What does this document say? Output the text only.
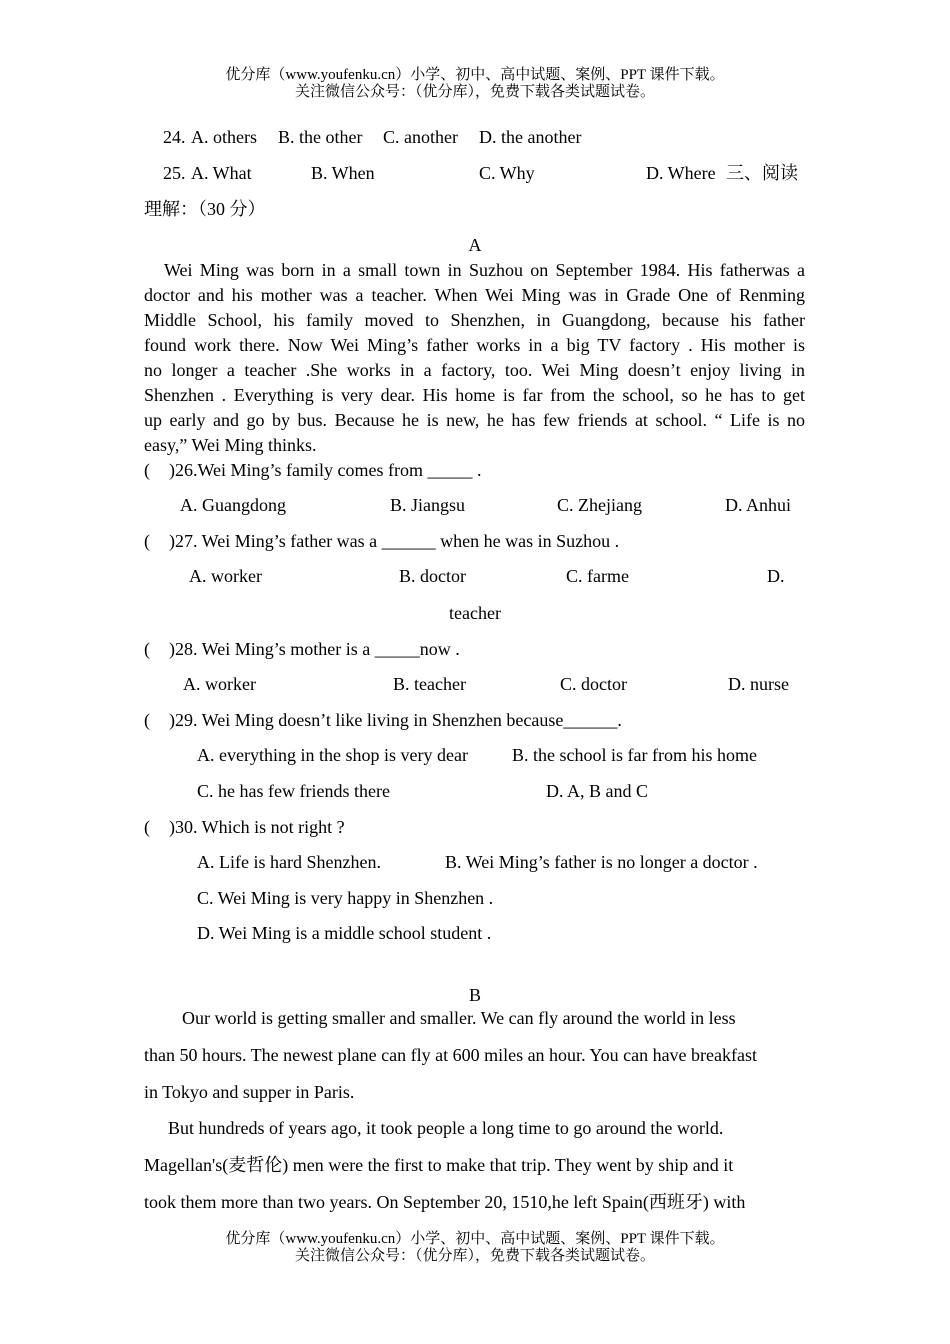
优分库（www.youfenku.cn）小学、初中、高中试题、案例、PPT 课件下载。
关注微信公众号：（优分库），免费下载各类试题试卷。
24. A. others B. the other C. another D. the another
25. A. What	B. When	C. Why	D. Where 三、阅读
理解：（30 分）
A
Wei Ming was born in a small town in Suzhou on September 1984. His fatherwas a
doctor and his mother was a teacher. When Wei Ming was in Grade One of Renming
Middle School, his family moved to Shenzhen, in Guangdong, because his father
found work there. Now Wei Ming’s father works in a big TV factory . His mother is
no longer a teacher .She works in a factory, too. Wei Ming doesn’t enjoy living in
Shenzhen . Everything is very dear. His home is far from the school, so he has to get
up early and go by bus. Because he is new, he has few friends at school. “ Life is no
easy,” Wei Ming thinks.
( )26.Wei Ming’s family comes from _____ .
A. Guangdong	B. Jiangsu	C. Zhejiang	D. Anhui
( )27. Wei Ming’s father was a ______ when he was in Suzhou .
A. worker	B. doctor	C. farme	D.
teacher
( )28. Wei Ming’s mother is a _____now .
A. worker	B. teacher	C. doctor	D. nurse
( )29. Wei Ming doesn’t like living in Shenzhen because______.
A. everything in the shop is very dear B. the school is far from his home
C. he has few friends there	D. A, B and C
( )30. Which is not right ?
A. Life is hard Shenzhen.	B. Wei Ming’s father is no longer a doctor .
C. Wei Ming is very happy in Shenzhen .
D. Wei Ming is a middle school student .
B
Our world is getting smaller and smaller. We can fly around the world in less
than 50 hours. The newest plane can fly at 600 miles an hour. You can have breakfast
in Tokyo and supper in Paris.
But hundreds of years ago, it took people a long time to go around the world.
Magellan's(麦哲伦) men were the first to make that trip. They went by ship and it
took them more than two years. On September 20, 1510,he left Spain(西班牙) with
优分库（www.youfenku.cn）小学、初中、高中试题、案例、PPT 课件下载。
关注微信公众号：（优分库），免费下载各类试题试卷。
